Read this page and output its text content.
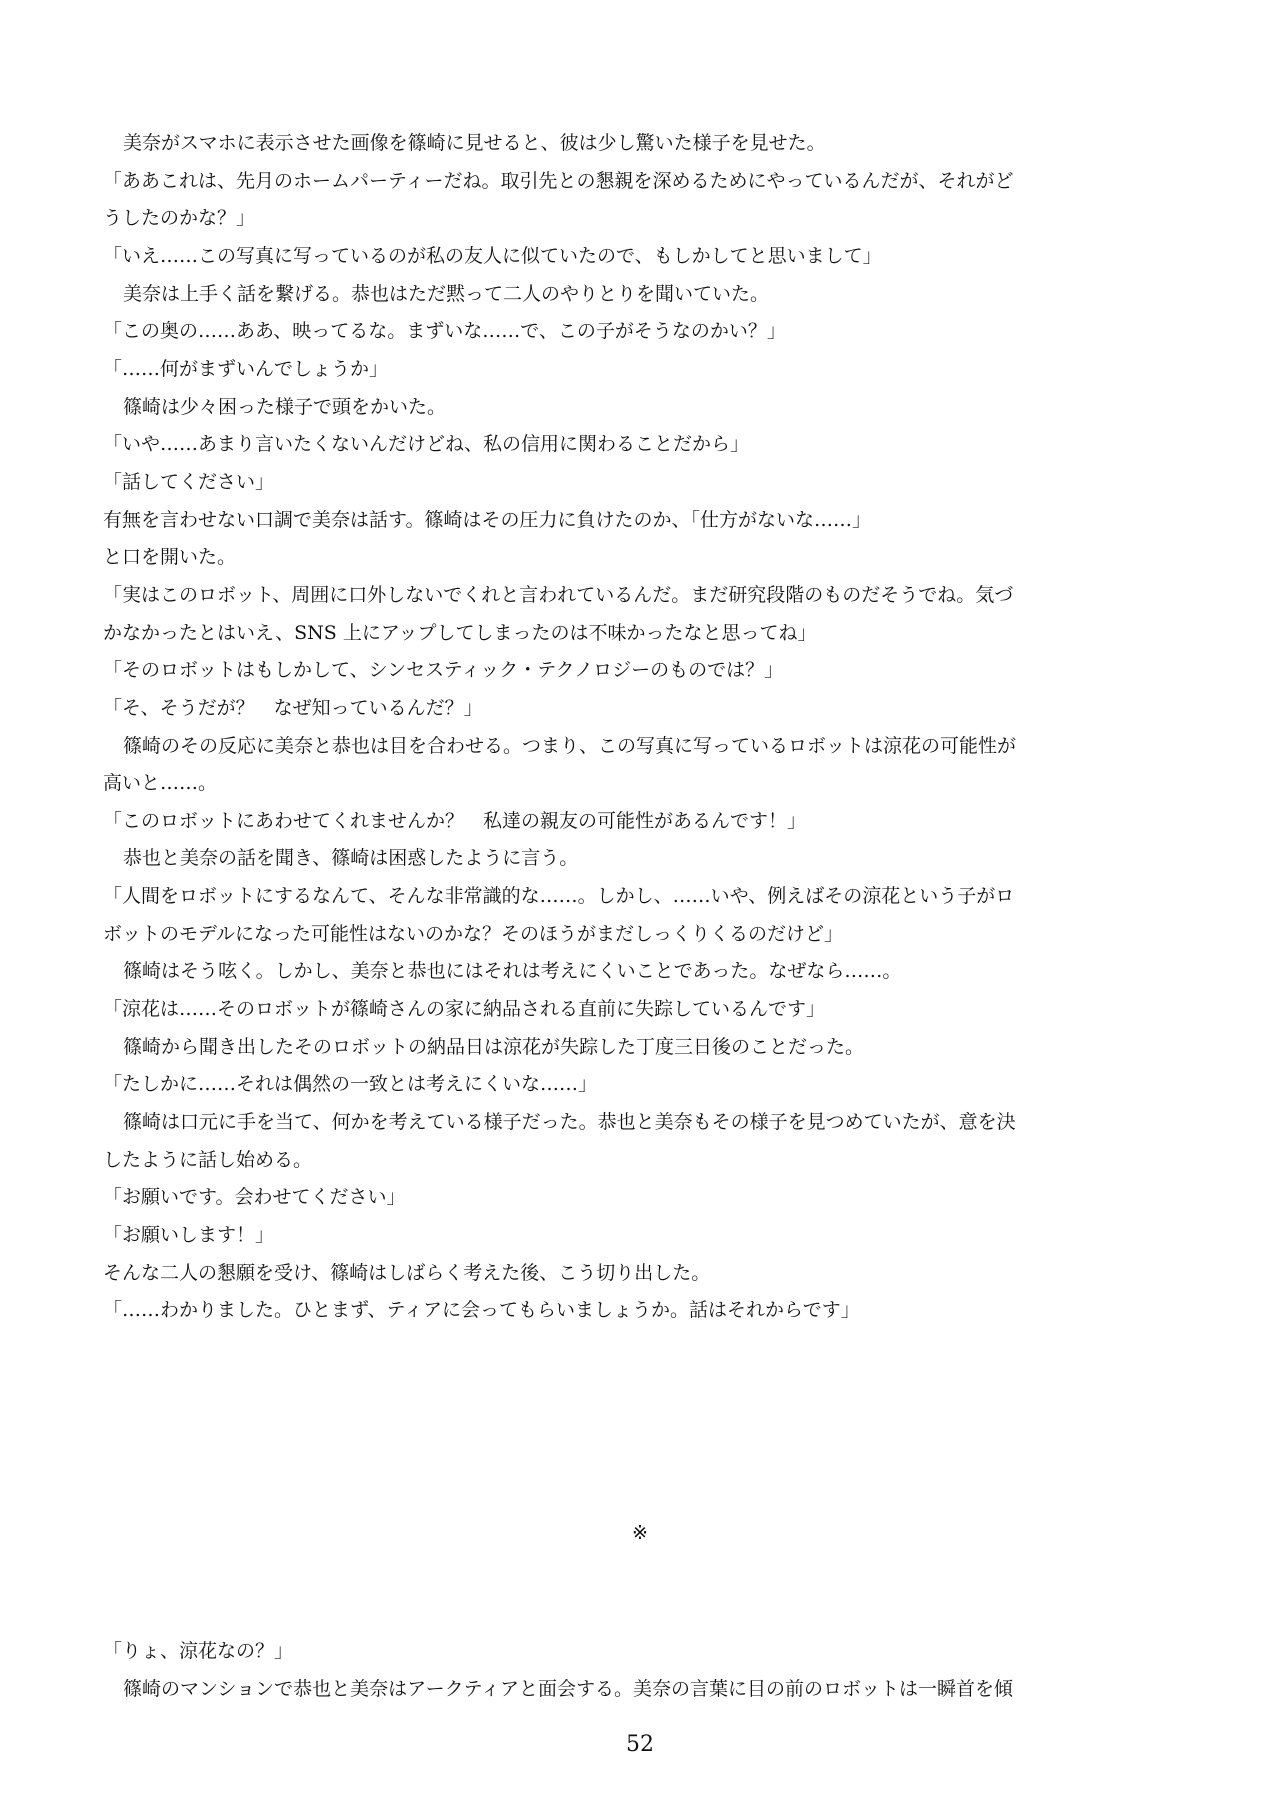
美奈がスマホに表示させた画像を篠崎に見せると、彼は少し驚いた様子を見せた。
「ああこれは、先月のホームパーティーだね。取引先との懇親を深めるためにやっているんだが、それがど
うしたのかな？」
「いえ……この写真に写っているのが私の友人に似ていたので、もしかしてと思いまして」
美奈は上手く話を繋げる。恭也はただ黙って二人のやりとりを聞いていた。
「この奥の……ああ、映ってるな。まずいな……で、この子がそうなのかい？」
「……何がまずいんでしょうか」
篠崎は少々困った様子で頭をかいた。
「いや……あまり言いたくないんだけどね、私の信用に関わることだから」
「話してください」
有無を言わせない口調で美奈は話す。篠崎はその圧力に負けたのか、「仕方がないな……」
と口を開いた。
「実はこのロボット、周囲に口外しないでくれと言われているんだ。まだ研究段階のものだそうでね。気づ
かなかったとはいえ、SNS 上にアップしてしまったのは不味かったなと思ってね」
「そのロボットはもしかして、シンセスティック・テクノロジーのものでは？」
「そ、そうだが？　なぜ知っているんだ？」
篠崎のその反応に美奈と恭也は目を合わせる。つまり、この写真に写っているロボットは涼花の可能性が
高いと……。
「このロボットにあわせてくれませんか？　私達の親友の可能性があるんです！」
恭也と美奈の話を聞き、篠崎は困惑したように言う。
「人間をロボットにするなんて、そんな非常識的な……。しかし、……いや、例えばその涼花という子がロ
ボットのモデルになった可能性はないのかな？そのほうがまだしっくりくるのだけど」
篠崎はそう呟く。しかし、美奈と恭也にはそれは考えにくいことであった。なぜなら……。
「涼花は……そのロボットが篠崎さんの家に納品される直前に失踪しているんです」
篠崎から聞き出したそのロボットの納品日は涼花が失踪した丁度三日後のことだった。
「たしかに……それは偶然の一致とは考えにくいな……」
篠崎は口元に手を当て、何かを考えている様子だった。恭也と美奈もその様子を見つめていたが、意を決
したように話し始める。
「お願いです。会わせてください」
「お願いします！」
そんな二人の懇願を受け、篠崎はしばらく考えた後、こう切り出した。
「……わかりました。ひとまず、ティアに会ってもらいましょうか。話はそれからです」
※
「りょ、涼花なの？」
篠崎のマンションで恭也と美奈はアークティアと面会する。美奈の言葉に目の前のロボットは一瞬首を傾
52
